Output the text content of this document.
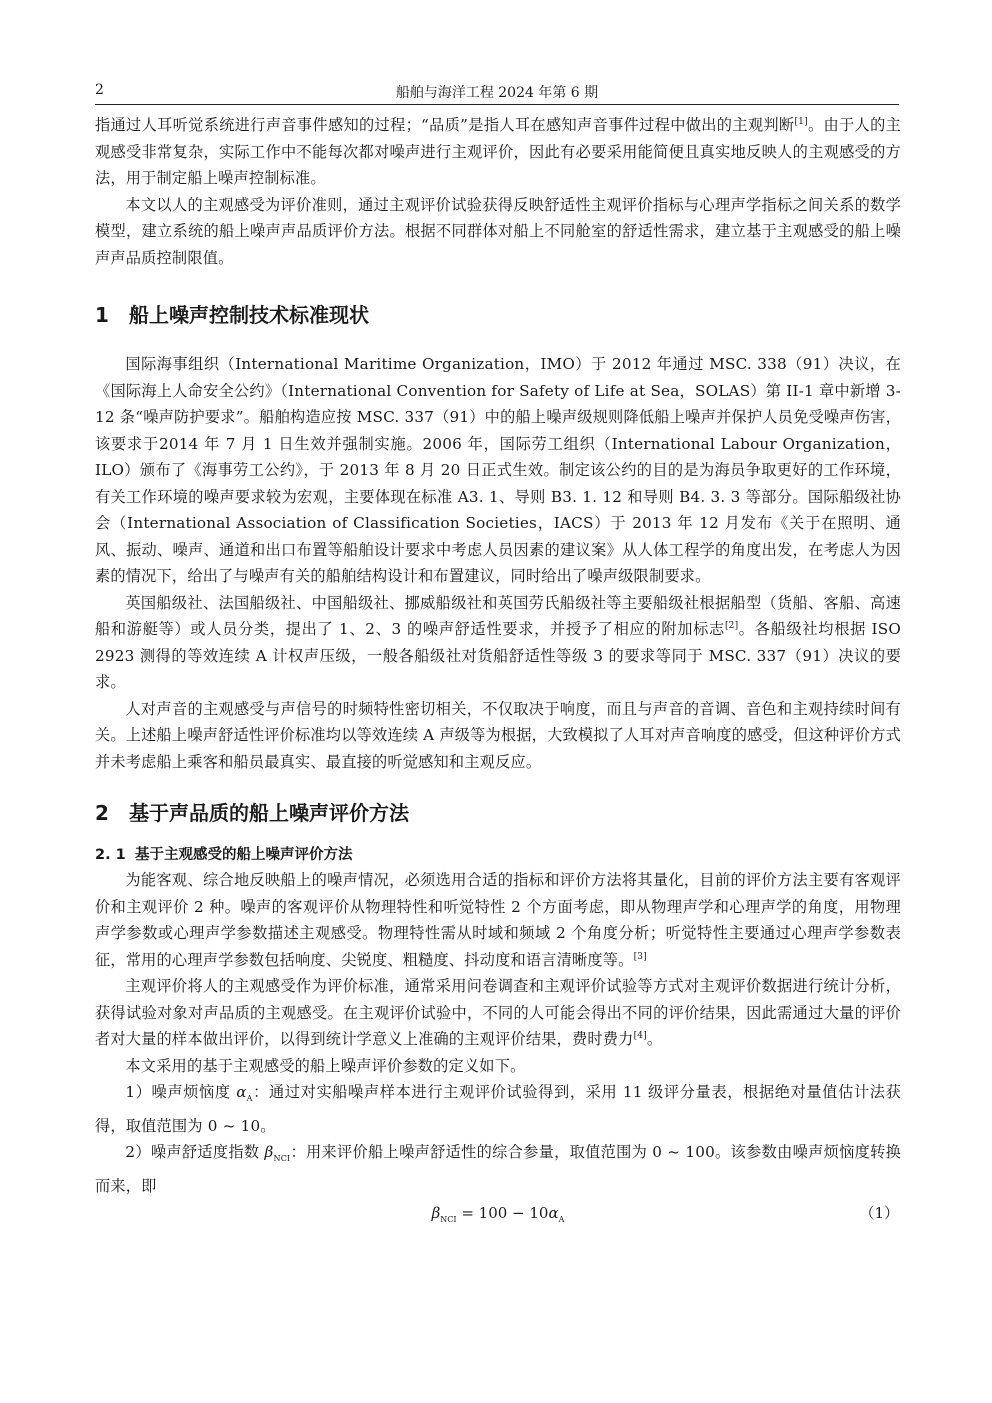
2	船舶与海洋工程 2024 年第 6 期

指通过人耳听觉系统进行声音事件感知的过程；“品质”是指人耳在感知声音事件过程中做出的主观判断[1]。由于人的主观感受非常复杂，实际工作中不能每次都对噪声进行主观评价，因此有必要采用能简便且真实地反映人的主观感受的方法，用于制定船上噪声控制标准。

本文以人的主观感受为评价准则，通过主观评价试验获得反映舒适性主观评价指标与心理声学指标之间关系的数学模型，建立系统的船上噪声声品质评价方法。根据不同群体对船上不同舱室的舒适性需求，建立基于主观感受的船上噪声声品质控制限值。

1 船上噪声控制技术标准现状

国际海事组织（International Maritime Organization，IMO）于 2012 年通过 MSC. 338（91）决议，在《国际海上人命安全公约》（International Convention for Safety of Life at Sea，SOLAS）第 II-1 章中新增 3-12 条“噪声防护要求”。船舶构造应按 MSC. 337（91）中的船上噪声级规则降低船上噪声并保护人员免受噪声伤害，该要求于2014 年 7 月 1 日生效并强制实施。2006 年，国际劳工组织（International Labour Organization，ILO）颁布了《海事劳工公约》，于 2013 年 8 月 20 日正式生效。制定该公约的目的是为海员争取更好的工作环境，有关工作环境的噪声要求较为宏观，主要体现在标准 A3. 1、导则 B3. 1. 12 和导则 B4. 3. 3 等部分。国际船级社协会（International Association of Classification Societies，IACS）于 2013 年 12 月发布《关于在照明、通风、振动、噪声、通道和出口布置等船舶设计要求中考虑人员因素的建议案》从人体工程学的角度出发，在考虑人为因素的情况下，给出了与噪声有关的船舶结构设计和布置建议，同时给出了噪声级限制要求。

英国船级社、法国船级社、中国船级社、挪威船级社和英国劳氏船级社等主要船级社根据船型（货船、客船、高速船和游艇等）或人员分类，提出了 1、2、3 的噪声舒适性要求，并授予了相应的附加标志[2]。各船级社均根据 ISO 2923 测得的等效连续 A 计权声压级，一般各船级社对货船舒适性等级 3 的要求等同于 MSC. 337（91）决议的要求。

人对声音的主观感受与声信号的时频特性密切相关，不仅取决于响度，而且与声音的音调、音色和主观持续时间有关。上述船上噪声舒适性评价标准均以等效连续 A 声级等为根据，大致模拟了人耳对声音响度的感受，但这种评价方式并未考虑船上乘客和船员最真实、最直接的听觉感知和主观反应。

2 基于声品质的船上噪声评价方法
2. 1 基于主观感受的船上噪声评价方法

为能客观、综合地反映船上的噪声情况，必须选用合适的指标和评价方法将其量化，目前的评价方法主要有客观评价和主观评价 2 种。噪声的客观评价从物理特性和听觉特性 2 个方面考虑，即从物理声学和心理声学的角度，用物理声学参数或心理声学参数描述主观感受。物理特性需从时域和频域 2 个角度分析；听觉特性主要通过心理声学参数表征，常用的心理声学参数包括响度、尖锐度、粗糙度、抖动度和语言清晰度等。[3]

主观评价将人的主观感受作为评价标准，通常采用问卷调查和主观评价试验等方式对主观评价数据进行统计分析，获得试验对象对声品质的主观感受。在主观评价试验中，不同的人可能会得出不同的评价结果，因此需通过大量的评价者对大量的样本做出评价，以得到统计学意义上准确的主观评价结果，费时费力[4]。

本文采用的基于主观感受的船上噪声评价参数的定义如下。

1）噪声烦恼度 $\alpha_A$：通过对实船噪声样本进行主观评价试验得到，采用 11 级评分量表，根据绝对量值估计法获得，取值范围为 0 ~ 10。

2）噪声舒适度指数 $\beta_{NCI}$：用来评价船上噪声舒适性的综合参量，取值范围为 0 ~ 100。该参数由噪声烦恼度转换而来，即

$\beta_{NCI} = 100 - 10\alpha_A$	（1）
